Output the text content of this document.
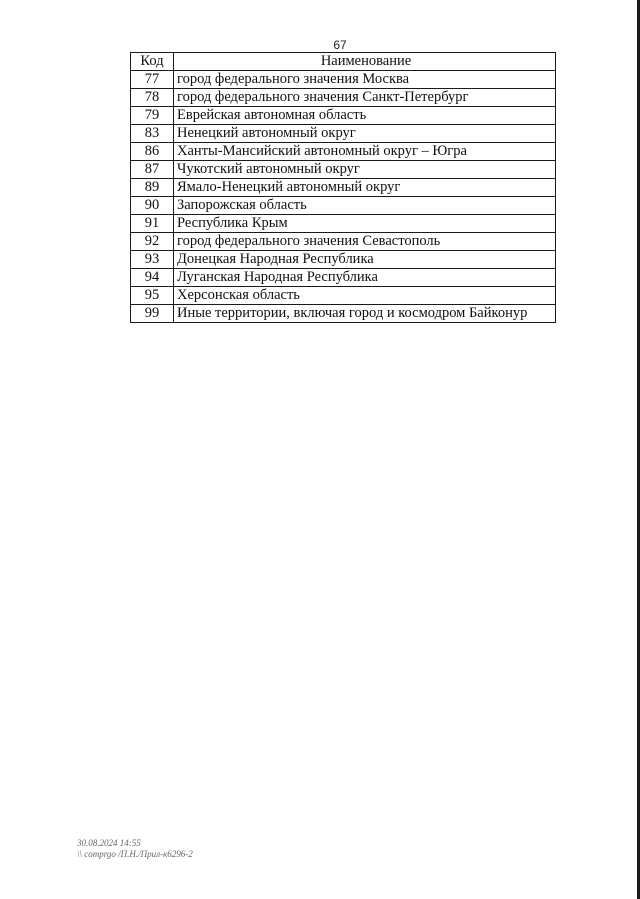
67
Код	Наименование
77	город федерального значения Москва
78	город федерального значения Санкт-Петербург
79	Еврейская автономная область
83	Ненецкий автономный округ
86	Ханты-Мансийский автономный округ – Югра
87	Чукотский автономный округ
89	Ямало-Ненецкий автономный округ
90	Запорожская область
91	Республика Крым
92	город федерального значения Севастополь
93	Донецкая Народная Республика
94	Луганская Народная Республика
95	Херсонская область
99	Иные территории, включая город и космодром Байконур
30.08.2024 14:55
\\ comprgo /П.Н./Прил-к6296-2
